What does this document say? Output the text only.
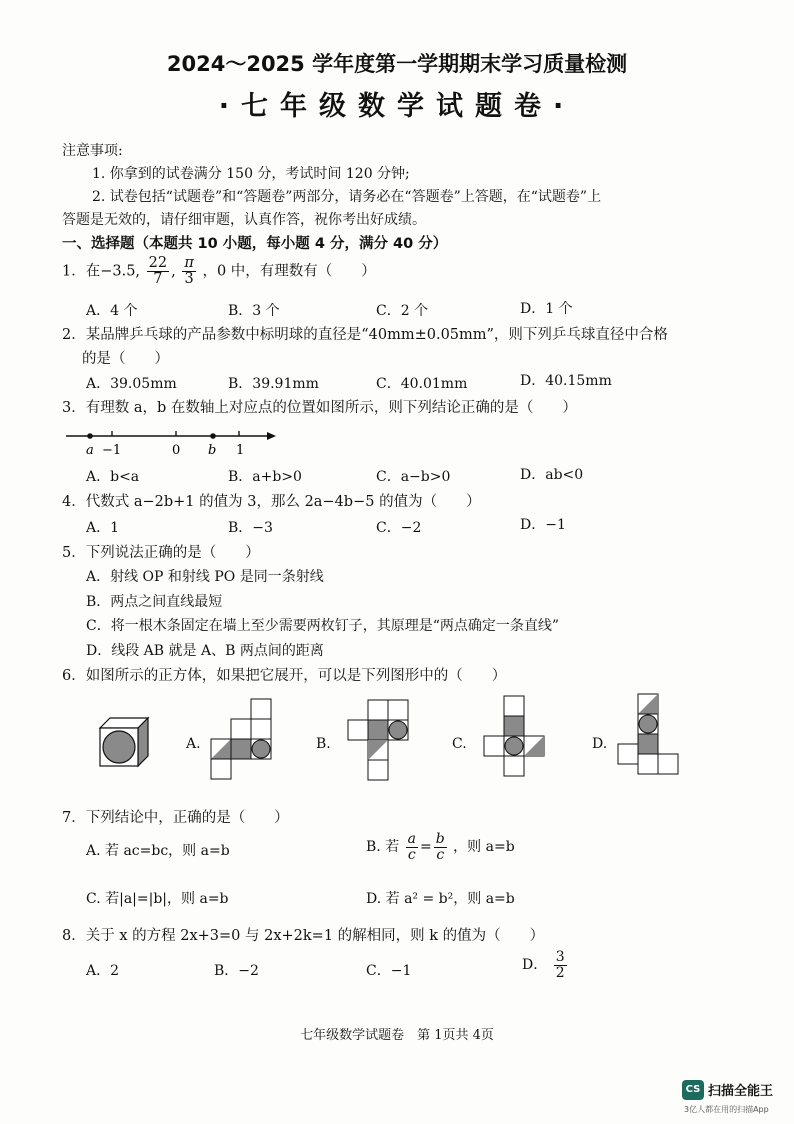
2024～2025 学年度第一学期期末学习质量检测
·七年级数学试题卷·
注意事项:
1. 你拿到的试卷满分 150 分，考试时间 120 分钟;
2. 试卷包括“试题卷”和“答题卷”两部分，请务必在“答题卷”上答题，在“试题卷”上
答题是无效的，请仔细审题，认真作答，祝你考出好成绩。
一、选择题（本题共 10 小题，每小题 4 分，满分 40 分）
1．在−3.5, $\frac{22}{7}$ , $\frac{\pi}{3}$ ，0 中，有理数有（　　）
A．4 个	B．3 个	C．2 个	D．1 个
2．某品牌乒乓球的产品参数中标明球的直径是“40mm±0.05mm”，则下列乒乓球直径中合格
的是（　　）
A．39.05mm	B．39.91mm	C．40.01mm	D．40.15mm
3．有理数 a，b 在数轴上对应点的位置如图所示，则下列结论正确的是（　　）
a −1	0 b 1
A．b<a	B．a+b>0	C．a−b>0	D．ab<0
4．代数式 a−2b+1 的值为 3，那么 2a−4b−5 的值为（　　）
A．1	B．−3	C．−2	D．−1
5．下列说法正确的是（　　）
A．射线 OP 和射线 PO 是同一条射线
B．两点之间直线最短
C．将一根木条固定在墙上至少需要两枚钉子，其原理是“两点确定一条直线”
D．线段 AB 就是 A、B 两点间的距离
6．如图所示的正方体，如果把它展开，可以是下列图形中的（　　）
A.	B.	C.	D.
7．下列结论中，正确的是（　　）
A. 若 ac=bc，则 a=b	B. 若 $\frac{a}{c} = \frac{b}{c}$ ，则 a=b
C. 若|a|=|b|，则 a=b	D. 若 a² = b²，则 a=b
8．关于 x 的方程 2x+3=0 与 2x+2k=1 的解相同，则 k 的值为（　　）
A．2	B．−2	C．−1	D． $\frac{3}{2}$
七年级数学试题卷　第 1页共 4页
CS 扫描全能王
3亿人都在用的扫描App
